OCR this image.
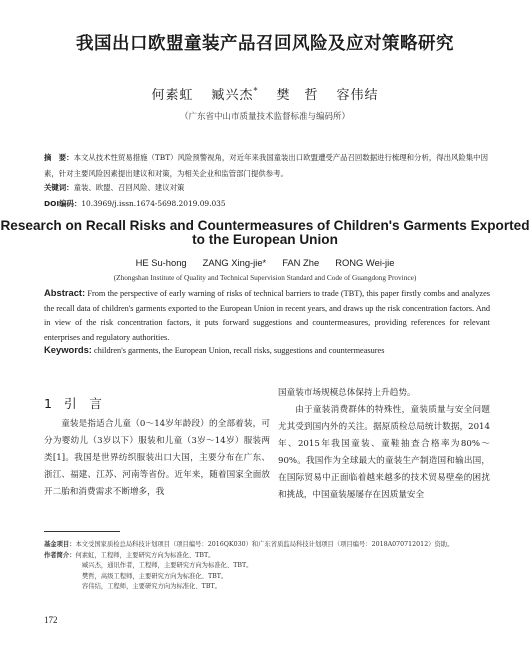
我国出口欧盟童装产品召回风险及应对策略研究
何素虹 臧兴杰* 樊　哲 容伟结
（广东省中山市质量技术监督标准与编码所）
摘　要：本文从技术性贸易措施（TBT）风险预警视角，对近年来我国童装出口欧盟遭受产品召回数据进行梳理和分析，得出风险集中因素，针对主要风险因素提出建议和对策，为相关企业和监管部门提供参考。
关键词：童装、欧盟、召回风险、建议对策
DOI编码：10.3969/j.issn.1674-5698.2019.09.035
Research on Recall Risks and Countermeasures of Children's Garments Exported to the European Union
HE Su-hong ZANG Xing-jie* FAN Zhe RONG Wei-jie
(Zhongshan Institute of Quality and Technical Supervision Standard and Code of Guangdong Province)
Abstract: From the perspective of early warning of risks of technical barriers to trade (TBT), this paper firstly combs and analyzes the recall data of children's garments exported to the European Union in recent years, and draws up the risk concentration factors. And in view of the risk concentration factors, it puts forward suggestions and countermeasures, providing references for relevant enterprises and regulatory authorities.
Keywords: children's garments, the European Union, recall risks, suggestions and countermeasures
1 引　言

童装是指适合儿童（0～14岁年龄段）的全部着装，可分为婴幼儿（3岁以下）服装和儿童（3岁～14岁）服装两类[1]。我国是世界纺织服装出口大国，主要分布在广东、浙江、福建、江苏、河南等省份。近年来，随着国家全面放开二胎和消费需求不断增多，我

国童装市场规模总体保持上升趋势。

由于童装消费群体的特殊性，童装质量与安全问题尤其受到国内外的关注。据原质检总局统计数据，2014年、2015年我国童装、童鞋抽查合格率为80%～90%。我国作为全球最大的童装生产制造国和输出国，在国际贸易中正面临着越来越多的技术贸易壁垒的困扰和挑战，中国童装屡屡存在因质量安全

基金项目：本文受国家质检总局科技计划项目（项目编号：2016QK030）和广东省质监局科技计划项目（项目编号：2018A070712012）资助。
作者简介：何素虹，工程师，主要研究方向为标准化、TBT。
臧兴杰，通讯作者，工程师，主要研究方向为标准化、TBT。
樊哲，高级工程师，主要研究方向为标准化、TBT。
容伟结，工程师，主要研究方向为标准化、TBT。
172
